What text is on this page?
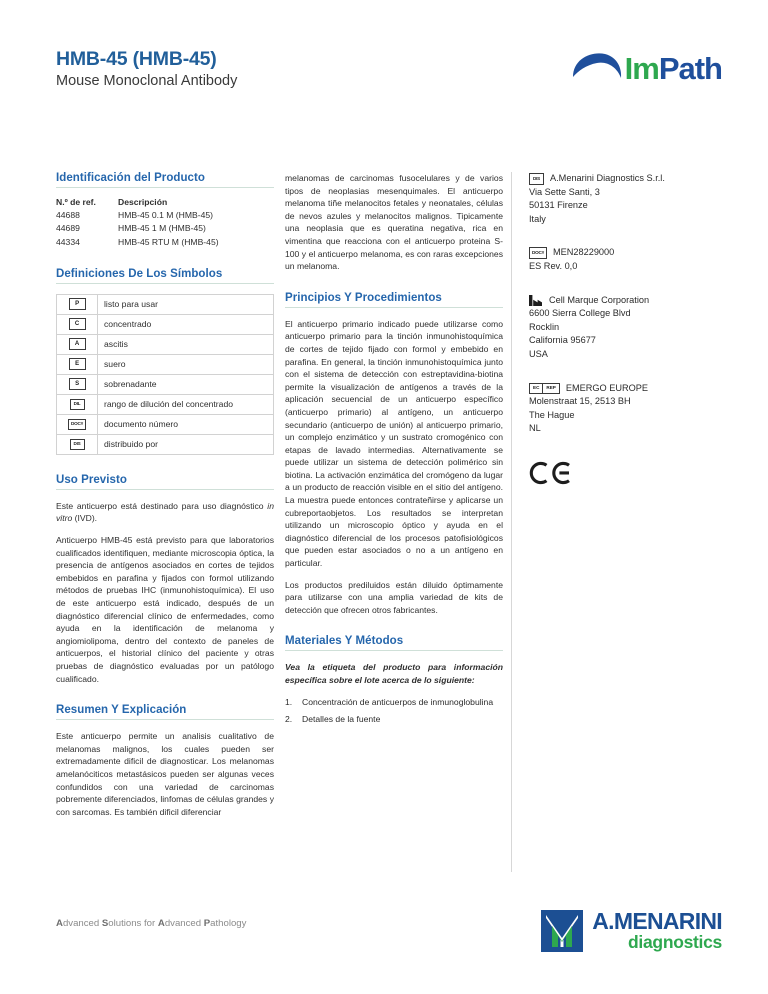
HMB-45 (HMB-45)
Mouse Monoclonal Antibody	ImPath
Identificación del Producto
N.º de ref.	Descripción
44688	HMB-45 0.1 M (HMB-45)
44689	HMB-45 1 M (HMB-45)
44334	HMB-45 RTU M (HMB-45)
Definiciones De Los Símbolos
P	listo para usar
C	concentrado
A	ascitis
E	suero
S	sobrenadante
DIL	rango de dilución del concentrado
DOC#	documento número
DIS	distribuido por
Uso Previsto

Este anticuerpo está destinado para uso diagnóstico in vitro (IVD).

Anticuerpo HMB-45 está previsto para que laboratorios cualificados identifiquen, mediante microscopia óptica, la presencia de antígenos asociados en cortes de tejidos embebidos en parafina y fijados con formol utilizando métodos de pruebas IHC (inmunohistoquímica). El uso de este anticuerpo está indicado, después de un diagnóstico diferencial clínico de enfermedades, como ayuda en la identificación de melanoma y angiomiolipoma, dentro del contexto de paneles de anticuerpos, el historial clínico del paciente y otras pruebas de diagnóstico evaluadas por un patólogo cualificado.

Resumen Y Explicación

Este anticuerpo permite un analisis cualitativo de melanomas malignos, los cuales pueden ser extremadamente dificil de diagnosticar. Los melanomas amelanóciticos metastásicos pueden ser algunas veces confundidos con una variedad de carcinomas pobremente diferenciados, linfomas de células grandes y con sarcomas. Es también dificil diferenciar

melanomas de carcinomas fusocelulares y de varios tipos de neoplasias mesenquimales. El anticuerpo melanoma tiñe melanocitos fetales y neonatales, células de nevos azules y melanocitos malignos. Tipicamente una neoplasia que es queratina negativa, rica en vimentina que reacciona con el anticuerpo proteina S-100 y el anticuerpo melanoma, es con raras excepciones un melanoma.

Principios Y Procedimientos

El anticuerpo primario indicado puede utilizarse como anticuerpo primario para la tinción inmunohistoquímica de cortes de tejido fijado con formol y embebido en parafina. En general, la tinción inmunohistoquímica junto con el sistema de detección con estreptavidina-biotina permite la visualización de antígenos a través de la aplicación secuencial de un anticuerpo específico (anticuerpo primario) al antígeno, un anticuerpo secundario (anticuerpo de unión) al anticuerpo primario, un complejo enzimático y un sustrato cromogénico con etapas de lavado intermedias. Alternativamente se puede utilizar un sistema de detección polimérico sin biotina. La activación enzimática del cromógeno da lugar a un producto de reacción visible en el sitio del antígeno. La muestra puede entonces contrateñirse y aplicarse un cubreportaobjetos. Los resultados se interpretan utilizando un microscopio óptico y ayuda en el diagnóstico diferencial de los procesos patofisiológicos que pueden estar asociados o no a un antígeno en particular.

Los productos prediluidos están diluido óptimamente para utilizarse con una amplia variedad de kits de detección que ofrecen otros fabricantes.

Materiales Y Métodos

Vea la etiqueta del producto para información específica sobre el lote acerca de lo siguiente:

1.	Concentración de anticuerpos de inmunoglobulina
2.	Detalles de la fuente
DIS	A.Menarini Diagnostics S.r.l.
Via Sette Santi, 3
50131 Firenze
Italy
DOC# MEN28229000
ES Rev. 0,0
Cell Marque Corporation
6600 Sierra College Blvd
Rocklin
California 95677
USA
EC	REP	EMERGO EUROPE
Molenstraat 15, 2513 BH
The Hague
NL
Advanced Solutions for Advanced Pathology	A.MENARINI
diagnostics
